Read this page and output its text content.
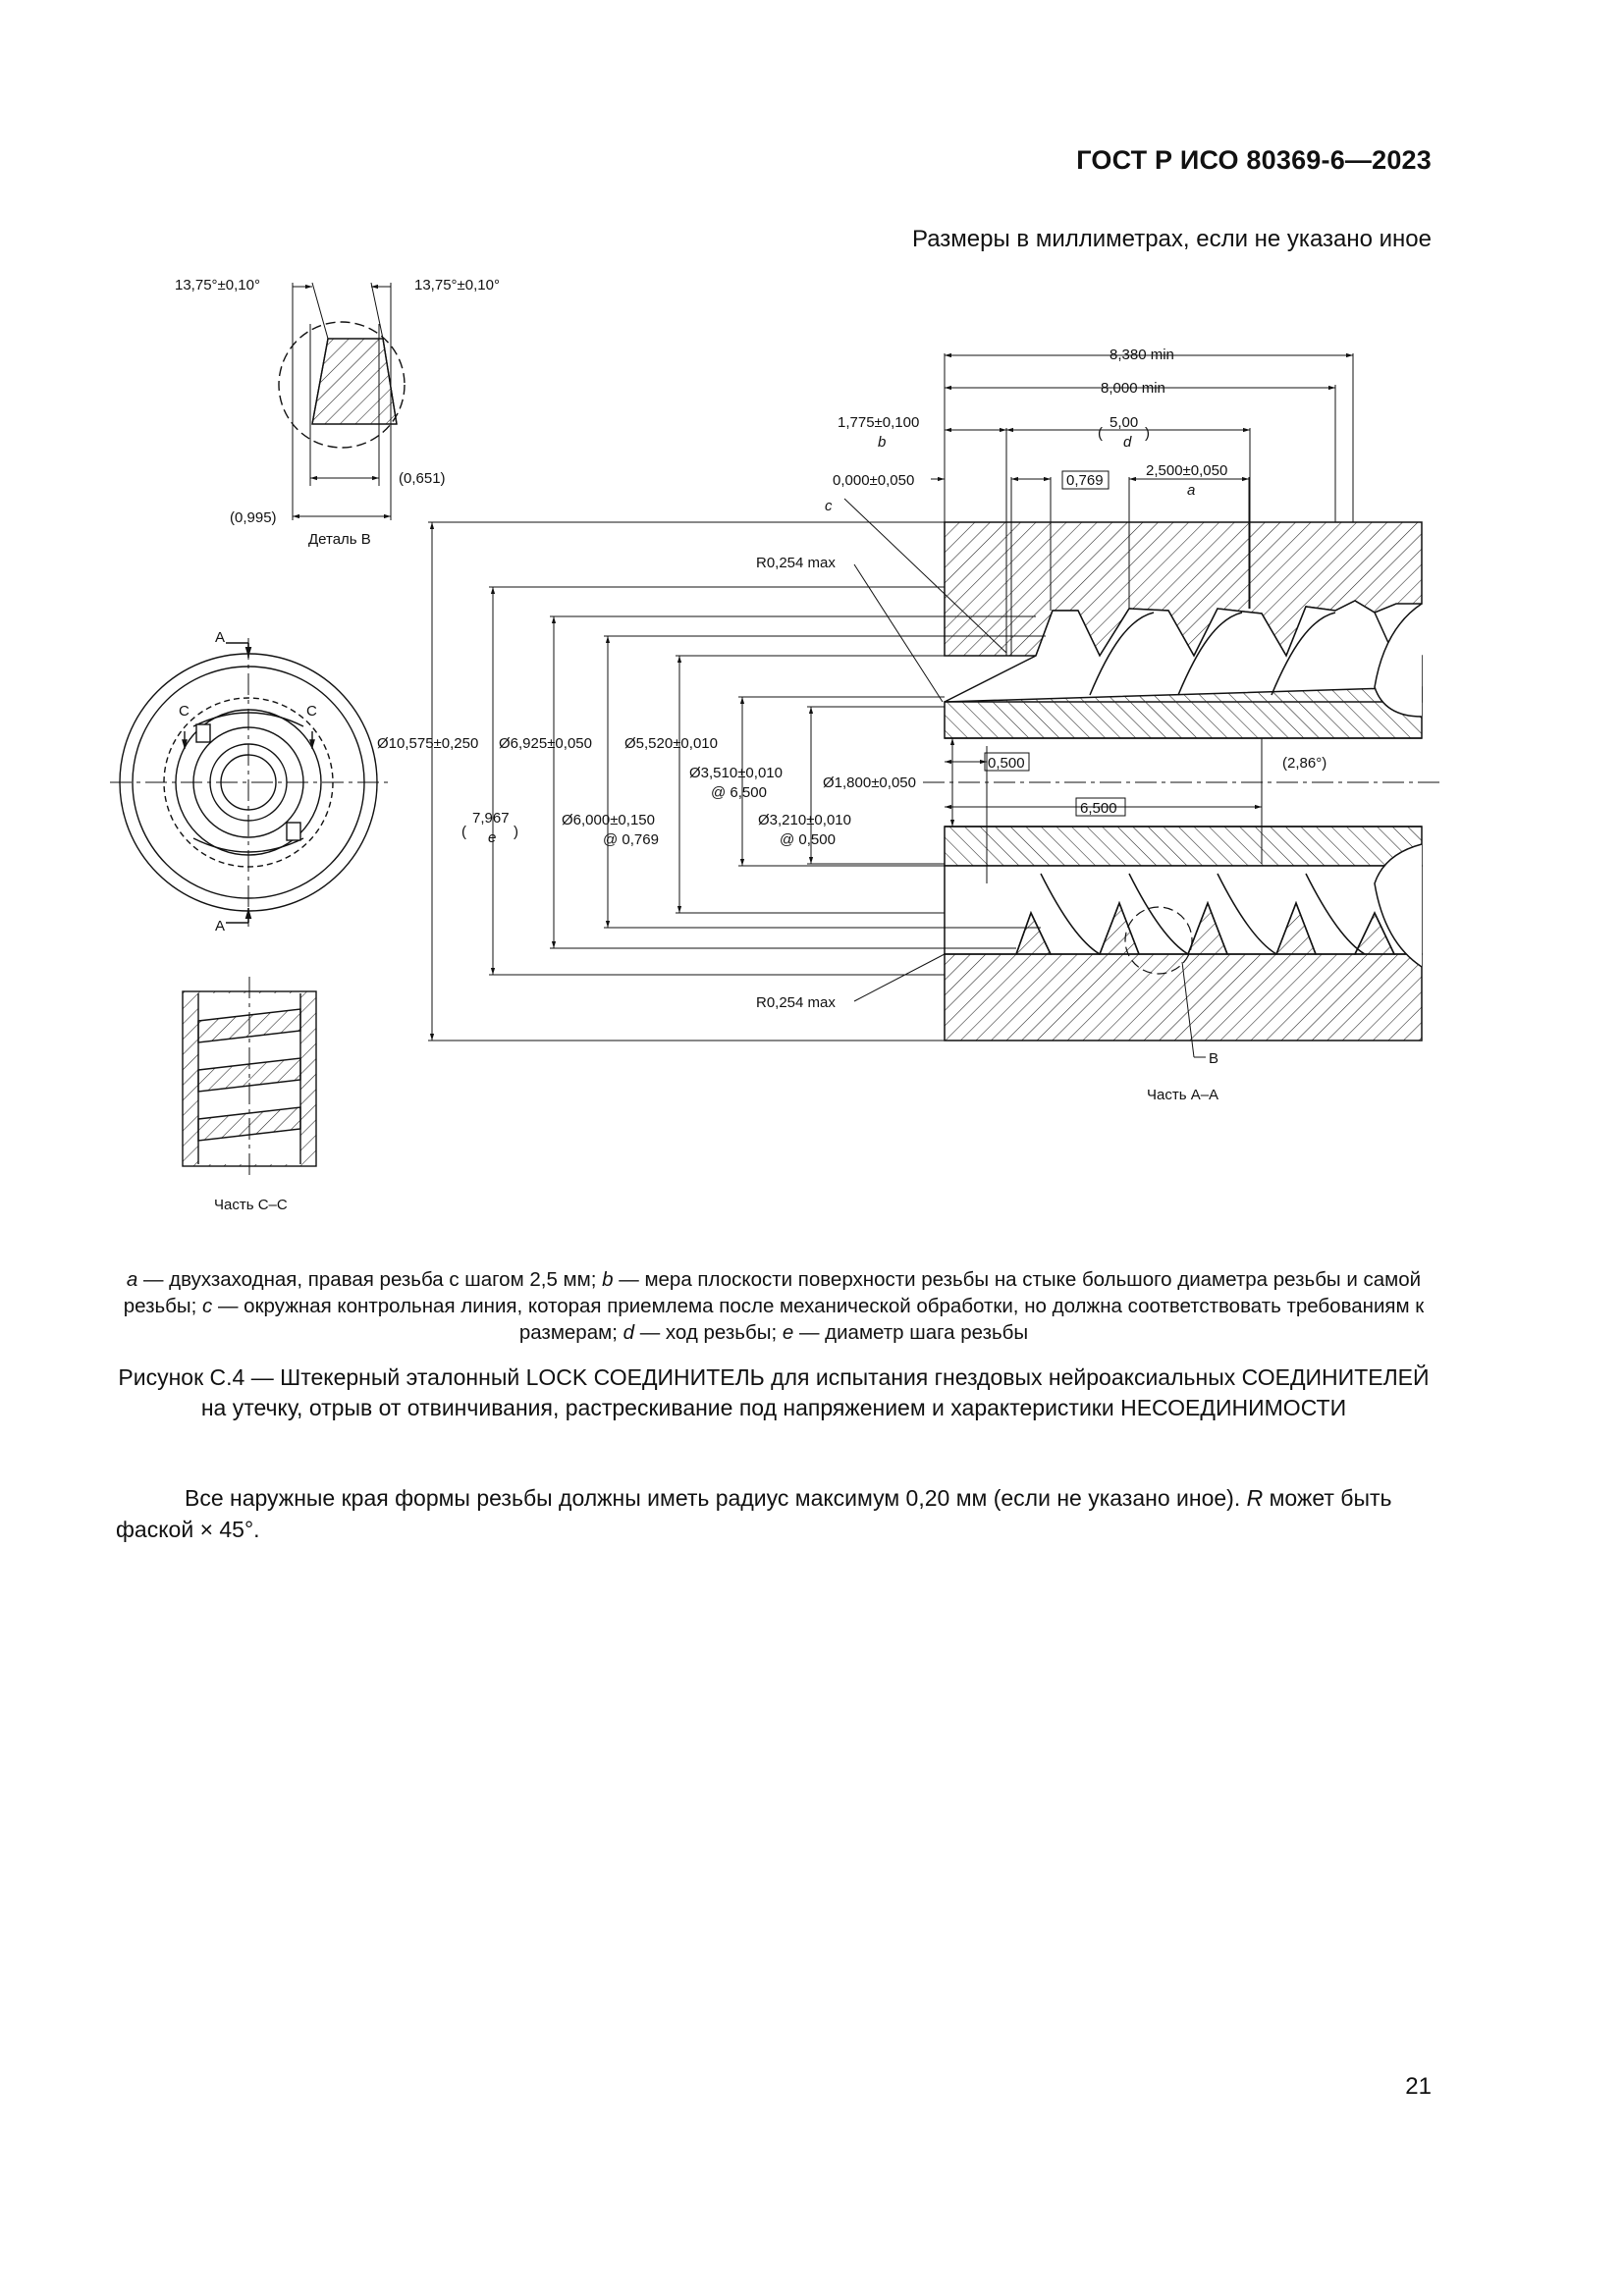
ГОСТ Р ИСО 80369-6—2023
Размеры в миллиметрах, если не указано иное
13,75°±0,10°	13,75°±0,10°
(0,651)
(0,995)
Деталь В
A
A
C	C
Часть С–С
8,380 min
8,000 min
1,775±0,100
b
(
5,00
d
)
0,000±0,050
c
0,769
2,500±0,050
a
R0,254 max
R0,254 max
Ø10,575±0,250 Ø6,925±0,050 Ø5,520±0,010
Ø3,510±0,010
@ 6,500
Ø1,800±0,050
Ø3,210±0,010
@ 0,500
Ø6,000±0,150
@ 0,769
(
7,967
e )
0,500
6,500
(2,86°)
B
Часть А–А
a — двухзаходная, правая резьба с шагом 2,5 мм; b — мера плоскости поверхности резьбы на стыке большого диаметра резьбы и самой резьбы; c — окружная контрольная линия, которая приемлема после механической обработки, но должна соответствовать требованиям к размерам; d — ход резьбы; e — диаметр шага резьбы
Рисунок С.4 — Штекерный эталонный LOCK СОЕДИНИТЕЛЬ для испытания гнездовых нейроаксиальных СОЕДИНИТЕЛЕЙ на утечку, отрыв от отвинчивания, растрескивание под напряжением и характеристики НЕСОЕДИНИМОСТИ
Все наружные края формы резьбы должны иметь радиус максимум 0,20 мм (если не указано иное). R может быть фаской × 45°.
21
